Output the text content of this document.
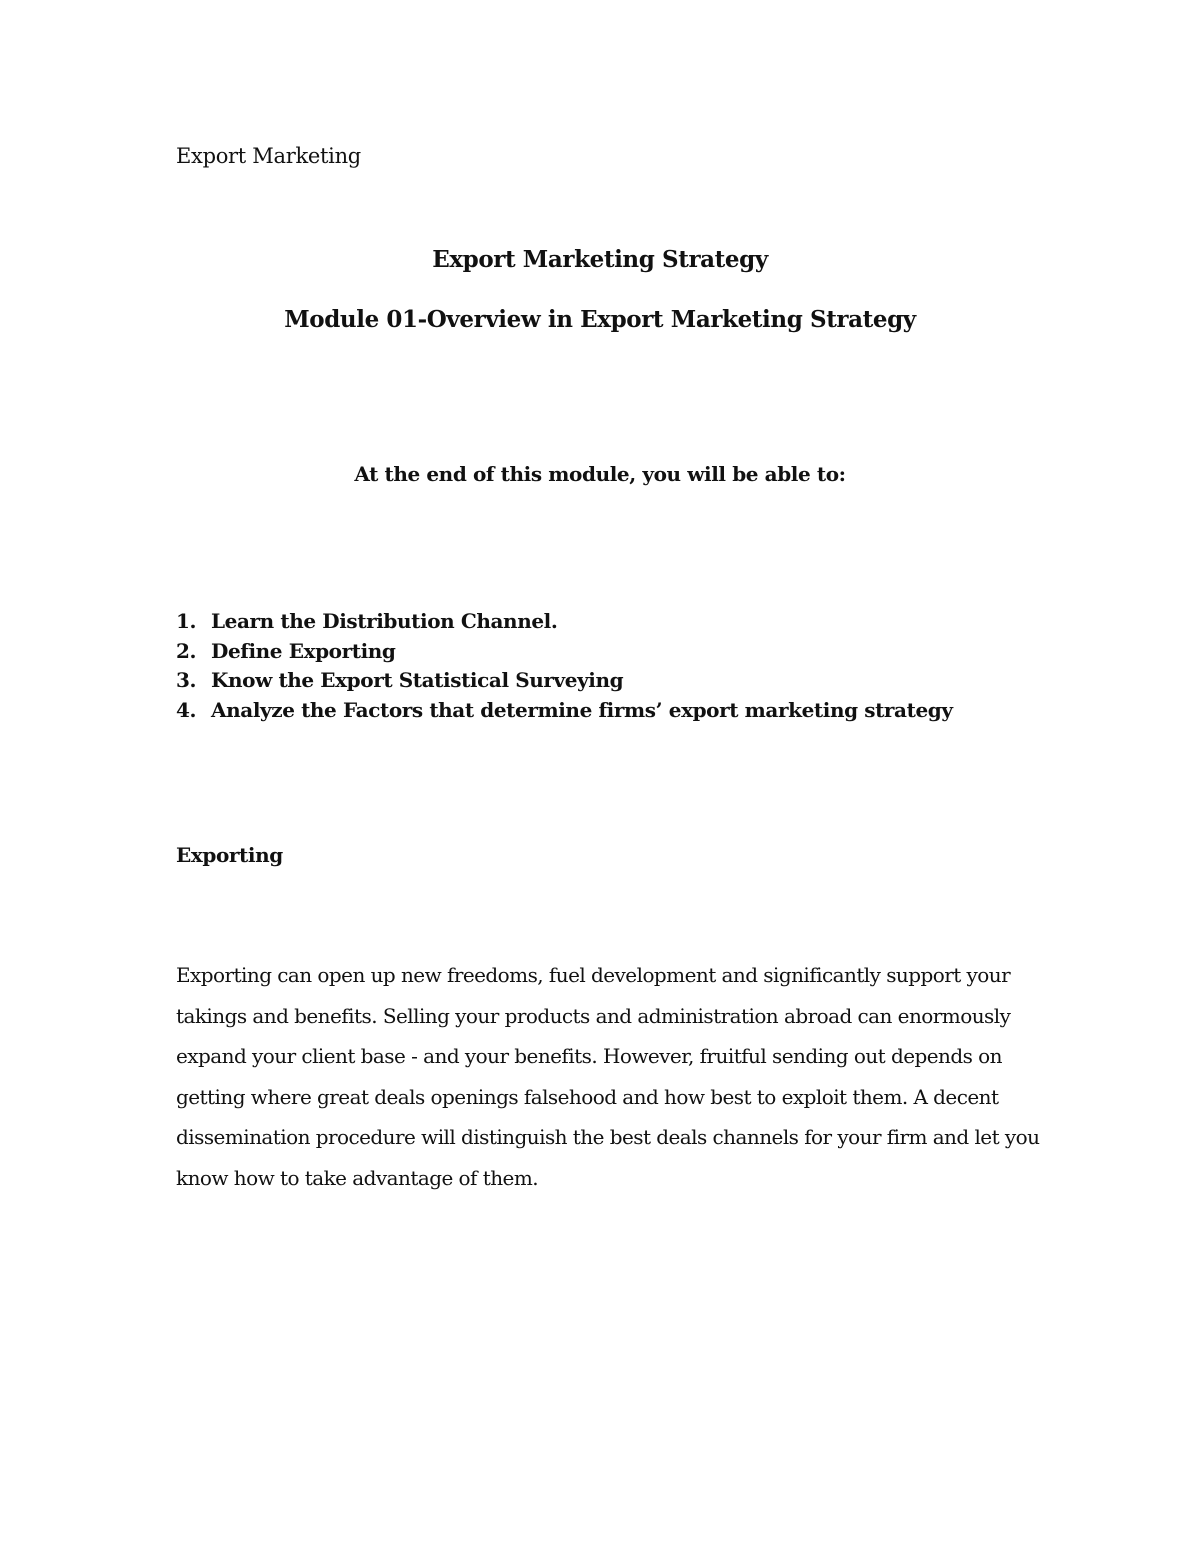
Export Marketing

Export Marketing Strategy
Module 01-Overview in Export Marketing Strategy

At the end of this module, you will be able to:

1. Learn the Distribution Channel.
2. Define Exporting
3. Know the Export Statistical Surveying
4. Analyze the Factors that determine firms’ export marketing strategy
Exporting

Exporting can open up new freedoms, fuel development and significantly support your
takings and benefits. Selling your products and administration abroad can enormously
expand your client base - and your benefits. However, fruitful sending out depends on
getting where great deals openings falsehood and how best to exploit them. A decent
dissemination procedure will distinguish the best deals channels for your firm and let you
know how to take advantage of them.
